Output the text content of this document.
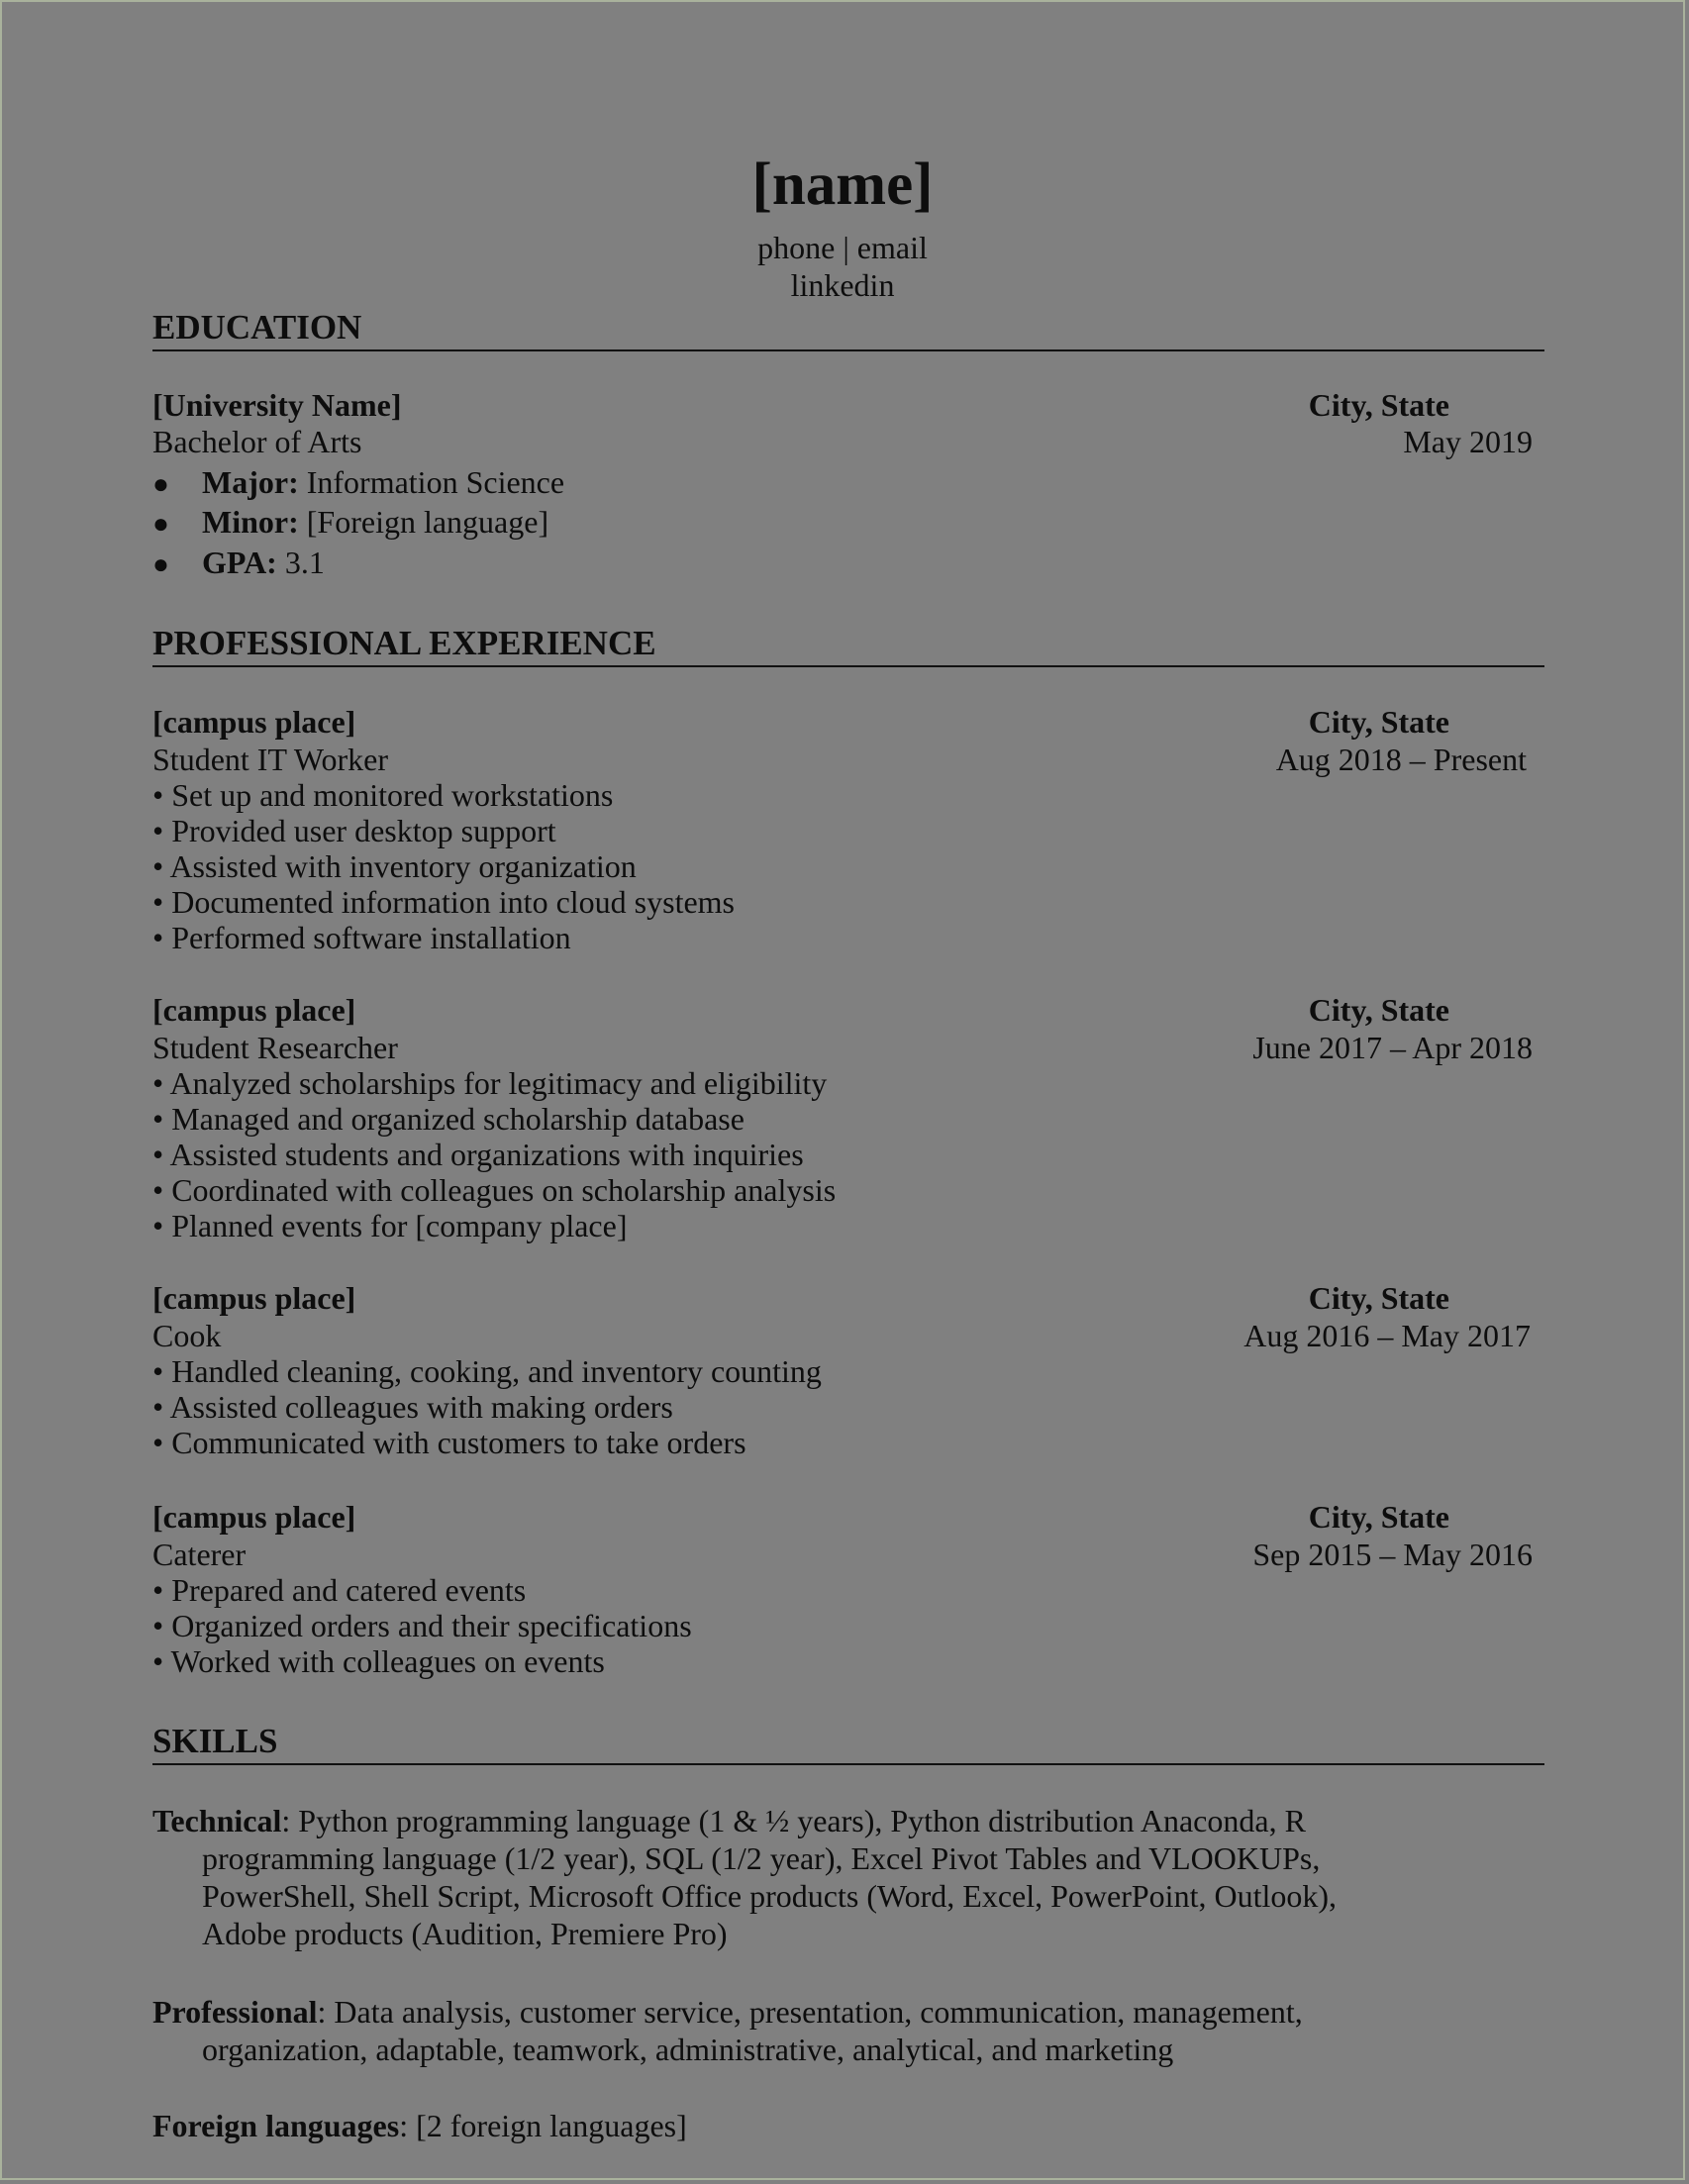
[name]
phone | email
linkedin
EDUCATION
[University Name]	City, State
Bachelor of Arts	May 2019
● Major: Information Science
● Minor: [Foreign language]
● GPA: 3.1
PROFESSIONAL EXPERIENCE
[campus place]	City, State
Student IT Worker	Aug 2018 – Present
• Set up and monitored workstations
• Provided user desktop support
• Assisted with inventory organization
• Documented information into cloud systems
• Performed software installation
[campus place]	City, State
Student Researcher	June 2017 – Apr 2018
• Analyzed scholarships for legitimacy and eligibility
• Managed and organized scholarship database
• Assisted students and organizations with inquiries
• Coordinated with colleagues on scholarship analysis
• Planned events for [company place]
[campus place]	City, State
Cook	Aug 2016 – May 2017
• Handled cleaning, cooking, and inventory counting
• Assisted colleagues with making orders
• Communicated with customers to take orders
[campus place]	City, State
Caterer	Sep 2015 – May 2016
• Prepared and catered events
• Organized orders and their specifications
• Worked with colleagues on events
SKILLS
Technical: Python programming language (1 & ½ years), Python distribution Anaconda, R
programming language (1/2 year), SQL (1/2 year), Excel Pivot Tables and VLOOKUPs,
PowerShell, Shell Script, Microsoft Office products (Word, Excel, PowerPoint, Outlook),
Adobe products (Audition, Premiere Pro)
Professional: Data analysis, customer service, presentation, communication, management,
organization, adaptable, teamwork, administrative, analytical, and marketing
Foreign languages: [2 foreign languages]
